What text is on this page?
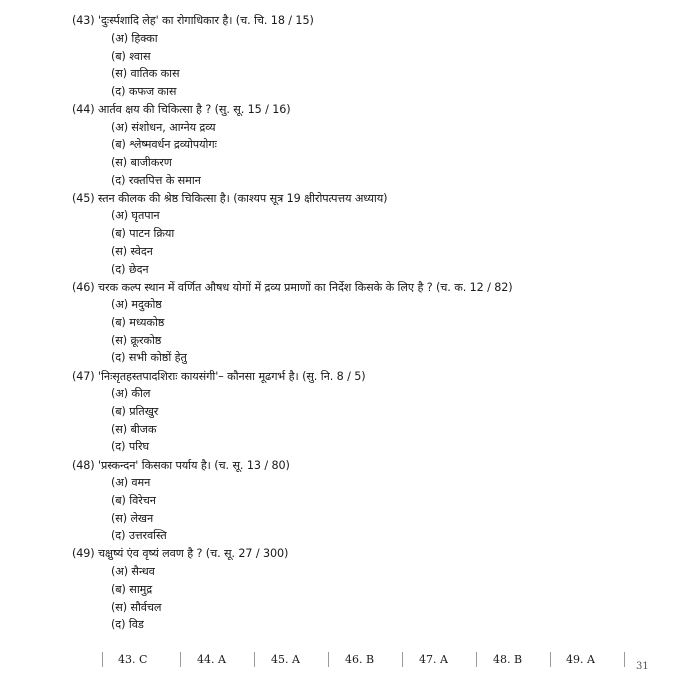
(43) 'दुःर्स्पशादि लेह' का रोगाधिकार है। (च. चि. 18 / 15)
(अ) हिक्का
(ब) श्वास
(स) वातिक कास
(द) कफज कास
(44) आर्तव क्षय की चिकित्सा है ? (सु. सू. 15 / 16)
(अ) संशोधन, आग्नेय द्रव्य
(ब) श्लेष्मवर्धन द्रव्योपयोगः
(स) बाजीकरण
(द) रक्तपित्त के समान
(45) स्तन कीलक की श्रेष्ठ चिकित्सा है। (काश्यप सूत्र 19 क्षीरोपत्पत्तय अध्याय)
(अ) घृतपान
(ब) पाटन क्रिया
(स) स्वेदन
(द) छेदन
(46) चरक कल्प स्थान में वर्णित औषध योगों में द्रव्य प्रमाणों का निर्देश किसके के लिए है ? (च. क. 12 / 82)
(अ) मदुकोष्ठ
(ब) मध्यकोष्ठ
(स) क्रूरकोष्ठ
(द) सभी कोष्ठों हेतु
(47) 'निःसृतहस्तपादशिराः कायसंगी'– कौनसा मूढगर्भ है। (सु. नि. 8 / 5)
(अ) कील
(ब) प्रतिखुर
(स) बीजक
(द) परिघ
(48) 'प्रस्कन्दन' किसका पर्याय है। (च. सू. 13 / 80)
(अ) वमन
(ब) विरेचन
(स) लेखन
(द) उत्तरवस्ति
(49) चक्षुष्यं एंव वृष्यं लवण है ? (च. सू. 27 / 300)
(अ) सैन्धव
(ब) सामुद्र
(स) सौर्वचल
(द) विड
43. C	44. A	45. A	46. B	47. A	48. B	49. A
31
